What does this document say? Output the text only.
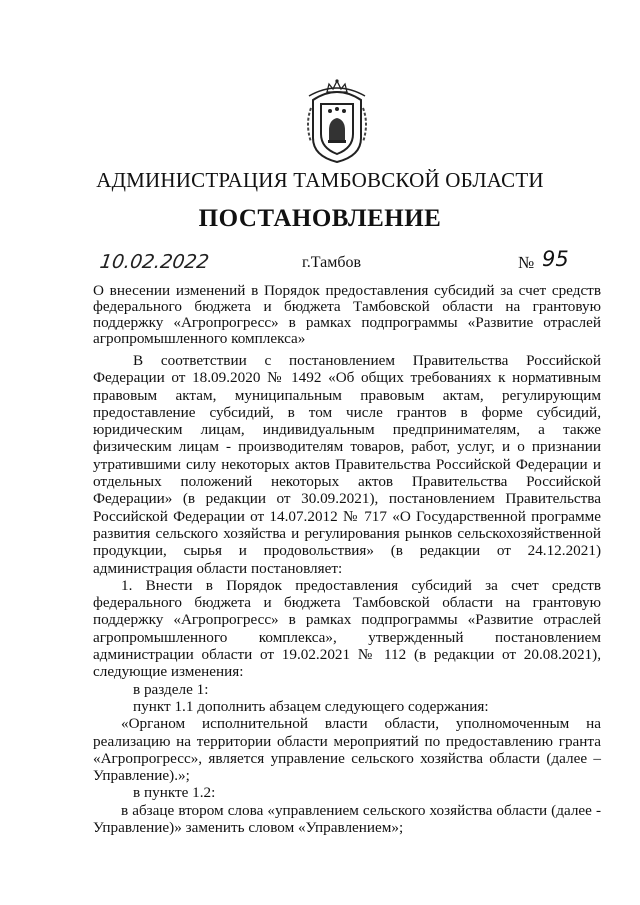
АДМИНИСТРАЦИЯ ТАМБОВСКОЙ ОБЛАСТИ
ПОСТАНОВЛЕНИЕ
10.02.2022	г.Тамбов	№ 95
О внесении изменений в Порядок предоставления субсидий за счет средств федерального бюджета и бюджета Тамбовской области на грантовую поддержку «Агропрогресс» в рамках подпрограммы «Развитие отраслей агропромышленного комплекса»

В соответствии с постановлением Правительства Российской Федерации от 18.09.2020 № 1492 «Об общих требованиях к нормативным правовым актам, муниципальным правовым актам, регулирующим предоставление субсидий, в том числе грантов в форме субсидий, юридическим лицам, индивидуальным предпринимателям, а также физическим лицам - производителям товаров, работ, услуг, и о признании утратившими силу некоторых актов Правительства Российской Федерации и отдельных положений некоторых актов Правительства Российской Федерации» (в редакции от 30.09.2021), постановлением Правительства Российской Федерации от 14.07.2012 № 717 «О Государственной программе развития сельского хозяйства и регулирования рынков сельскохозяйственной продукции, сырья и продовольствия» (в редакции от 24.12.2021) администрация области постановляет:

1. Внести в Порядок предоставления субсидий за счет средств федерального бюджета и бюджета Тамбовской области на грантовую поддержку «Агропрогресс» в рамках подпрограммы «Развитие отраслей агропромышленного комплекса», утвержденный постановлением администрации области от 19.02.2021 № 112 (в редакции от 20.08.2021), следующие изменения:

в разделе 1:

пункт 1.1 дополнить абзацем следующего содержания:

«Органом исполнительной власти области, уполномоченным на реализацию на территории области мероприятий по предоставлению гранта «Агропрогресс», является управление сельского хозяйства области (далее – Управление).»;

в пункте 1.2:

в абзаце втором слова «управлением сельского хозяйства области (далее - Управление)» заменить словом «Управлением»;
